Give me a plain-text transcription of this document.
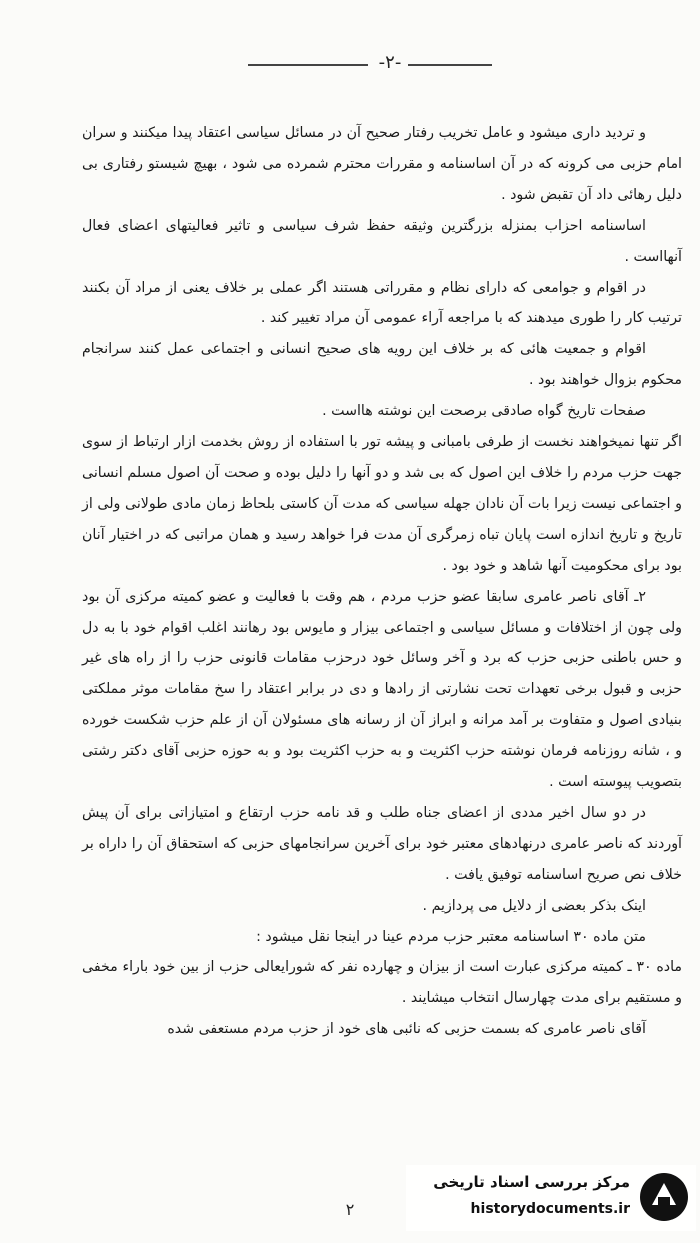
-۲-

و تردید داری میشود و عامل تخریب رفتار صحیح آن در مسائل سیاسی اعتقاد پیدا میکنند و سران امام حزبی می کرونه که در آن اساسنامه و مقررات محترم شمرده می شود ، بهیچ شیستو رفتاری بی دلیل رهائی داد آن تقبض شود .

اساسنامه احزاب بمنزله بزرگترین وثیقه حفظ شرف سیاسی و تاثیر فعالیتهای اعضای فعال آنهااست .

در اقوام و جوامعی که دارای نظام و مقرراتی هستند اگر عملی بر خلاف یعنی از مراد آن بکنند ترتیب کار را طوری میدهند که با مراجعه آراء عمومی آن مراد تغییر کند .

اقوام و جمعیت هائی که بر خلاف این رویه های صحیح انسانی و اجتماعی عمل کنند سرانجام محکوم بزوال خواهند بود .

صفحات تاریخ گواه صادقی برصحت این نوشته هااست .

اگر تنها نمیخواهند نخست از طرفی بامبانی و پیشه تور با استفاده از روش بخدمت ازار ارتباط از سوی جهت حزب مردم را خلاف این اصول که بی شد و دو آنها را دلیل بوده و صحت آن اصول مسلم انسانی و اجتماعی نیست زیرا بات آن نادان جهله سیاسی که مدت آن کاستی بلحاظ زمان مادی طولانی ولی از تاریخ و تاریخ اندازه است پایان تباه زمرگری آن مدت فرا خواهد رسید و همان مراتبی که در اختیار آنان بود برای محکومیت آنها شاهد و خود بود .

۲ـ آقای ناصر عامری سابقا عضو حزب مردم ، هم وقت با فعالیت و عضو کمیته مرکزی آن بود ولی چون از اختلافات و مسائل سیاسی و اجتماعی بیزار و مایوس بود رهانند اغلب اقوام خود با به دل و حس باطنی حزبی حزب که برد و آخر وسائل خود درحزب مقامات قانونی حزب را از راه های غیر حزبی و قبول برخی تعهدات تحت نشارتی از رادها و دی در برابر اعتقاد را سخ مقامات موثر مملکتی بنیادی اصول و متفاوت بر آمد مرانه و ابراز آن از رسانه های مسئولان آن از علم حزب شکست خورده و ، شانه روزنامه فرمان نوشته حزب اکثریت و به حزب اکثریت بود و به حوزه حزبی آقای دکتر رشتی بتصویب پیوسته است .

در دو سال اخیر مددی از اعضای جناه طلب و قد نامه حزب ارتقاع و امتیازاتی برای آن پیش آوردند که ناصر عامری درنهادهای معتبر خود برای آخرین سرانجامهای حزبی که استحقاق آن را داراه بر خلاف نص صریح اساسنامه توفیق یافت .

اینک بذکر بعضی از دلایل می پردازیم .

متن ماده ۳۰ اساسنامه معتبر حزب مردم عینا در اینجا نقل میشود :

ماده ۳۰ ـ کمیته مرکزی عبارت است از بیزان و چهارده نفر که شورایعالی حزب از بین خود باراء مخفی و مستقیم برای مدت چهارسال انتخاب میشایند .

آقای ناصر عامری که بسمت حزبی که نائبی های خود از حزب مردم مستعفی شده

۲
مرکز بررسی اسناد تاریخی
historydocuments.ir
